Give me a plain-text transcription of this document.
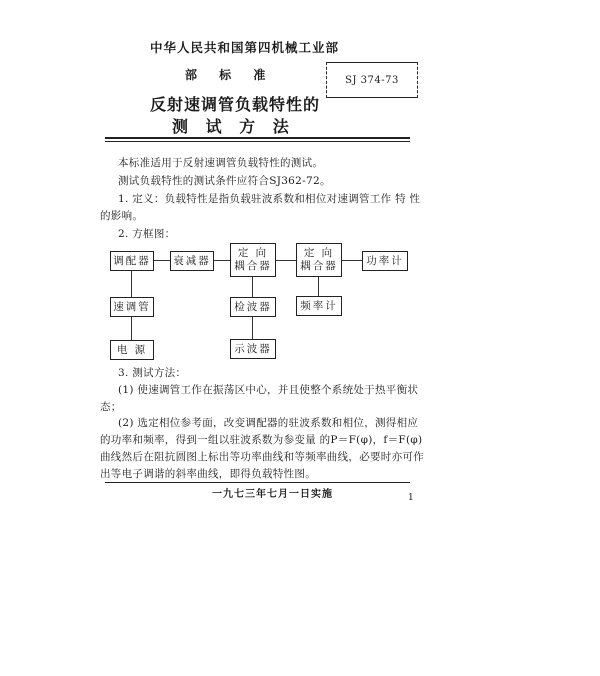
中华人民共和国第四机械工业部
部 标 准	SJ 374-73
反射速调管负载特性的
测 试 方 法
本标准适用于反射速调管负载特性的测试。
测试负载特性的测试条件应符合SJ362-72。
1. 定义：负载特性是指负载驻波系数和相位对速调管工作 特 性
的影响。
2. 方框图：
调配器 衰减器
定 向
耦合器
定 向
耦合器	功率计
速调管
电 源
检波器
示波器
频率计
3. 测试方法：
(1) 使速调管工作在振荡区中心，并且使整个系统处于热平衡状
态；
(2) 选定相位参考面，改变调配器的驻波系数和相位，测得相应
的功率和频率，得到一组以驻波系数为参变量 的P＝F(φ)，f＝F(φ)
曲线然后在阻抗圆图上标出等功率曲线和等频率曲线，必要时亦可作
出等电子调谐的斜率曲线，即得负载特性图。
一九七三年七月一日实施	1
